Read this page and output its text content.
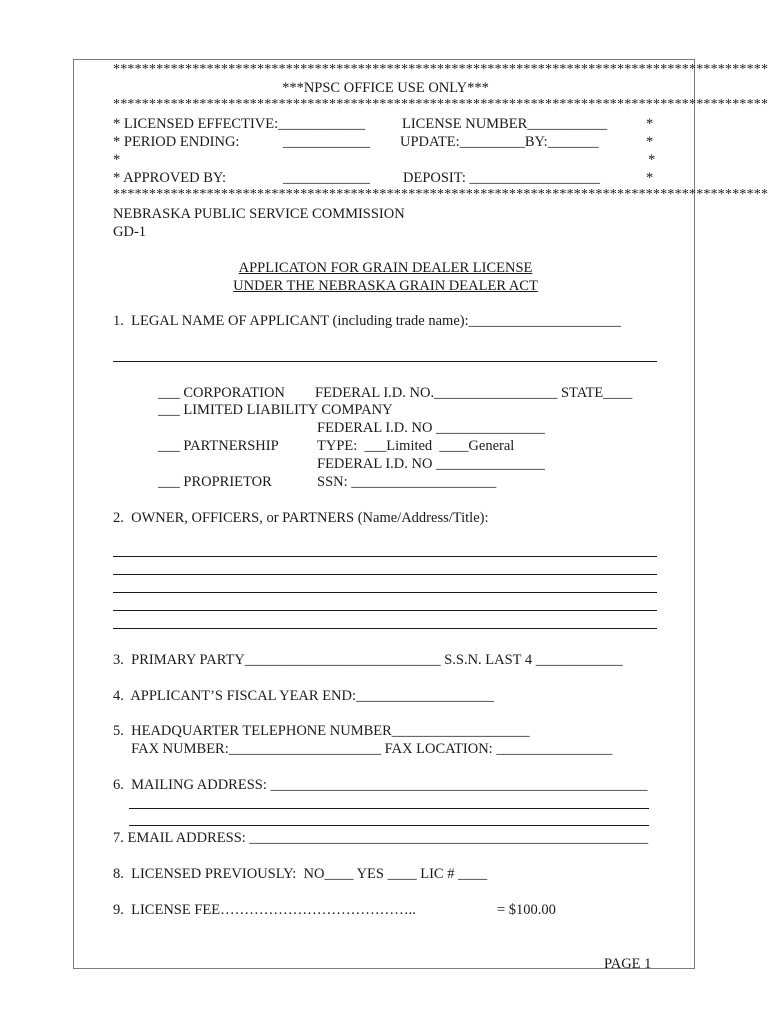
*******************************************************************************************
***NPSC OFFICE USE ONLY***
*******************************************************************************************
* LICENSED EFFECTIVE:____________	LICENSE NUMBER___________	*
* PERIOD ENDING:	____________ UPDATE:_________BY:_______	*
*	*
* APPROVED BY:	____________ DEPOSIT: __________________	*
*******************************************************************************************
NEBRASKA PUBLIC SERVICE COMMISSION
GD-1
APPLICATON FOR GRAIN DEALER LICENSE
UNDER THE NEBRASKA GRAIN DEALER ACT
1.  LEGAL NAME OF APPLICANT (including trade name):_____________________
___ CORPORATION FEDERAL I.D. NO._________________ STATE____
___ LIMITED LIABILITY COMPANY
FEDERAL I.D. NO _______________
___ PARTNERSHIP	TYPE:  ___Limited  ____General
FEDERAL I.D. NO _______________
___ PROPRIETOR	SSN: ____________________
2.  OWNER, OFFICERS, or PARTNERS (Name/Address/Title):
3.  PRIMARY PARTY___________________________ S.S.N. LAST 4 ____________
4.  APPLICANT’S FISCAL YEAR END:___________________
5.  HEADQUARTER TELEPHONE NUMBER___________________
FAX NUMBER:_____________________ FAX LOCATION: ________________
6.  MAILING ADDRESS: ____________________________________________________
7. EMAIL ADDRESS: _______________________________________________________
8.  LICENSED PREVIOUSLY:  NO____ YES ____ LIC # ____
9.  LICENSE FEE…………………………………..	= $100.00
PAGE 1
